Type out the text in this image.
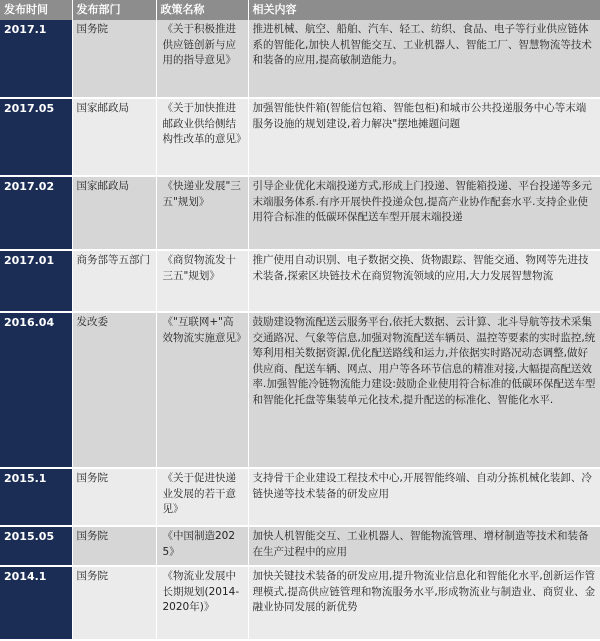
发布时间	发布部门	政策名称	相关内容
2017.1	国务院	《关于积极推进供应链创新与应用的指导意见》	推进机械、航空、船舶、汽车、轻工、纺织、食品、电子等行业供应链体系的智能化,加快人机智能交互、工业机器人、智能工厂、智慧物流等技术和装备的应用,提高敏制造能力。
2017.05	国家邮政局	《关于加快推进邮政业供给侧结构性改革的意见》	加强智能快件箱(智能信包箱、智能包柜)和城市公共投递服务中心等末端服务设施的规划建设,着力解决"摆地摊题问题
2017.02	国家邮政局	《快递业发展"三五"规划》	引导企业优化末端投递方式,形成上门投递、智能箱投递、平台投递等多元末端服务体系.有序开展快件投递众包,提高产业协作配套水平.支持企业使用符合标准的低碳环保配送车型开展末端投递
2017.01	商务部等五部门	《商贸物流发十三五"规划》	推广使用自动识别、电子数据交换、货物跟踪、智能交通、物网等先进技术装备,探索区块链技术在商贸物流领域的应用,大力发展智慧物流
2016.04	发改委	《"互联网+"高效物流实施意见》	鼓励建设物流配送云服务平台,依托大数据、云计算、北斗导航等技术采集交通路况、气象等信息,加强对物流配送车辆员、温控等要素的实时监控,统筹利用相关数据资源,优化配送路线和运力,并依据实时路况动态调整,做好供应商、配送车辆、网点、用户等各环节信息的精准对接,大幅提高配送效率.加强智能冷链物流能力建设:鼓励企业使用符合标准的低碳环保配送车型和智能化托盘等集装单元化技术,提升配送的标准化、智能化水平.
2015.1	国务院	《关于促进快递业发展的若干意见》	支持骨干企业建设工程技术中心,开展智能终端、自动分拣机械化装卸、冷链快递等技术装备的研发应用
2015.05	国务院	《中国制造2025》	加快人机智能交互、工业机器人、智能物流管理、增材制造等技术和装备在生产过程中的应用
2014.1	国务院	《物流业发展中长期规划(2014-2020年)》	加快关键技术装备的研发应用,提升物流业信息化和智能化水平,创新运作管理模式,提高供应链管理和物流服务水平,形成物流业与制造业、商贸业、金融业协同发展的新优势
